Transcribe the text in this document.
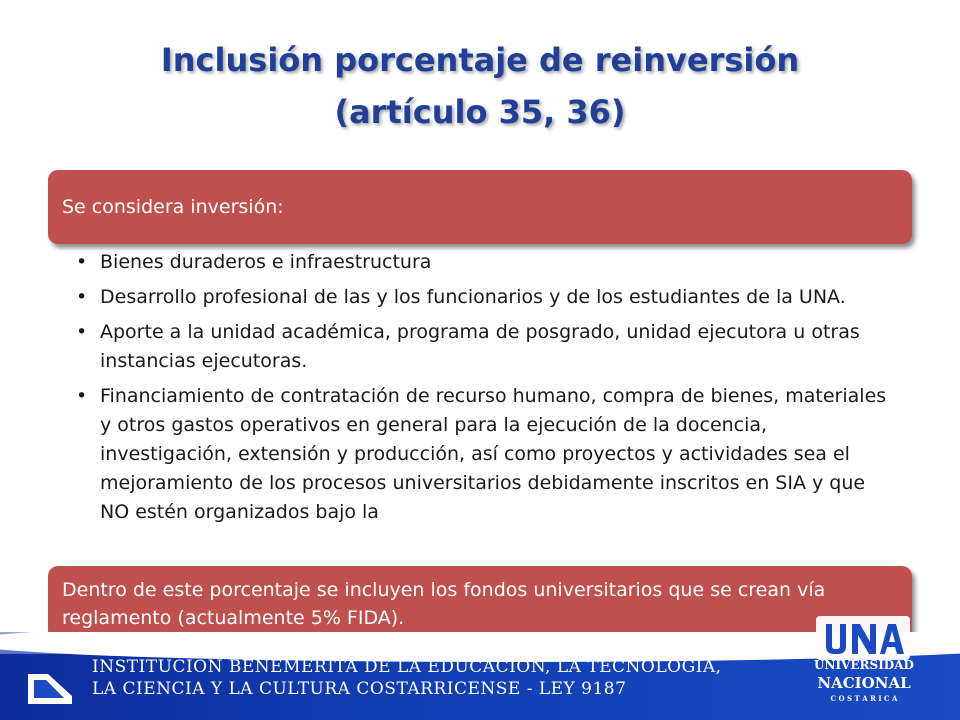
Inclusión porcentaje de reinversión
(artículo 35, 36)
Se considera inversión:
• Bienes duraderos e infraestructura
• Desarrollo profesional de las y los funcionarios y de los estudiantes de la UNA.
• Aporte a la unidad académica, programa de posgrado, unidad ejecutora u otras instancias ejecutoras.
• Financiamiento de contratación de recurso humano, compra de bienes, materiales y otros gastos operativos en general para la ejecución de la docencia, investigación, extensión y producción, así como proyectos y actividades sea el mejoramiento de los procesos universitarios debidamente inscritos en SIA y que NO estén organizados bajo la
Dentro de este porcentaje se incluyen los fondos universitarios que se crean vía reglamento (actualmente 5% FIDA).
INSTITUCIÓN BENEMÉRITA DE LA EDUCACIÓN, LA TECNOLOGÍA,
LA CIENCIA Y LA CULTURA COSTARRICENSE - LEY 9187
UNIVERSIDAD
NACIONAL
C O S T A R I C A
